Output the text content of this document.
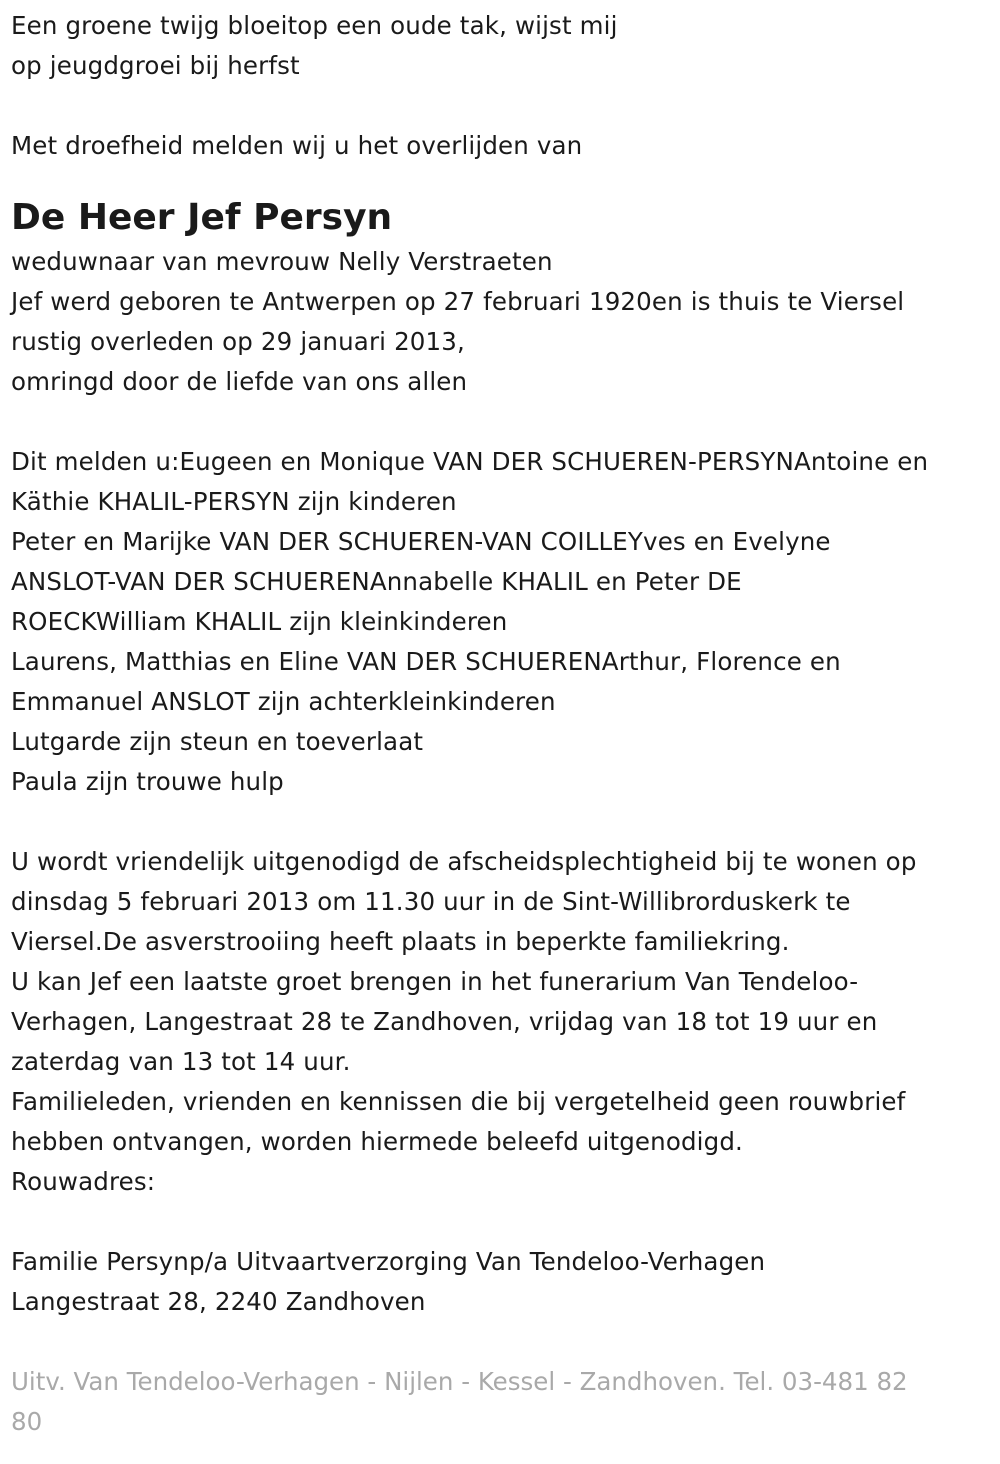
Een groene twijg bloeitop een oude tak, wijst mij
op jeugdgroei bij herfst
Met droefheid melden wij u het overlijden van
De Heer Jef Persyn
weduwnaar van mevrouw Nelly Verstraeten
Jef werd geboren te Antwerpen op 27 februari 1920en is thuis te Viersel
rustig overleden op 29 januari 2013,
omringd door de liefde van ons allen
Dit melden u:Eugeen en Monique VAN DER SCHUEREN-PERSYNAntoine en
Käthie KHALIL-PERSYN zijn kinderen
Peter en Marijke VAN DER SCHUEREN-VAN COILLEYves en Evelyne
ANSLOT-VAN DER SCHUERENAnnabelle KHALIL en Peter DE
ROECKWilliam KHALIL zijn kleinkinderen
Laurens, Matthias en Eline VAN DER SCHUERENArthur, Florence en
Emmanuel ANSLOT zijn achterkleinkinderen
Lutgarde zijn steun en toeverlaat
Paula zijn trouwe hulp
U wordt vriendelijk uitgenodigd de afscheidsplechtigheid bij te wonen op
dinsdag 5 februari 2013 om 11.30 uur in de Sint-Willibrorduskerk te
Viersel.De asverstrooiing heeft plaats in beperkte familiekring.
U kan Jef een laatste groet brengen in het funerarium Van Tendeloo-
Verhagen, Langestraat 28 te Zandhoven, vrijdag van 18 tot 19 uur en
zaterdag van 13 tot 14 uur.
Familieleden, vrienden en kennissen die bij vergetelheid geen rouwbrief
hebben ontvangen, worden hiermede beleefd uitgenodigd.
Rouwadres:
Familie Persynp/a Uitvaartverzorging Van Tendeloo-Verhagen
Langestraat 28, 2240 Zandhoven
Uitv. Van Tendeloo-Verhagen - Nijlen - Kessel - Zandhoven. Tel. 03-481 82
80
